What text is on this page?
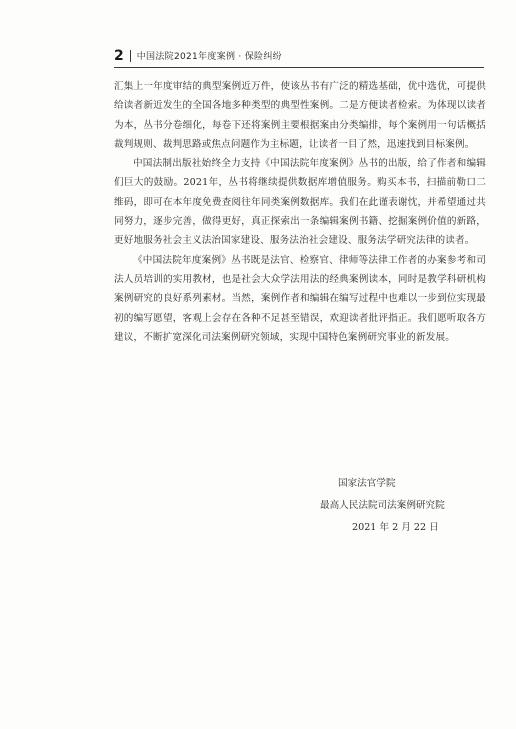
2 中国法院2021年度案例 · 保险纠纷

汇集上一年度审结的典型案例近万件，使该丛书有广泛的精选基础，优中选优，可提供给读者新近发生的全国各地多种类型的典型性案例。二是方便读者检索。为体现以读者为本，丛书分卷细化，每卷下还将案例主要根据案由分类编排，每个案例用一句话概括裁判规则、裁判思路或焦点问题作为主标题，让读者一目了然，迅速找到目标案例。

中国法制出版社始终全力支持《中国法院年度案例》丛书的出版，给了作者和编辑们巨大的鼓励。2021年，丛书将继续提供数据库增值服务。购买本书，扫描前勒口二维码，即可在本年度免费查阅往年同类案例数据库。我们在此谨表谢忱，并希望通过共同努力，逐步完善，做得更好，真正探索出一条编辑案例书籍、挖掘案例价值的新路，更好地服务社会主义法治国家建设、服务法治社会建设、服务法学研究法律的读者。

《中国法院年度案例》丛书既是法官、检察官、律师等法律工作者的办案参考和司法人员培训的实用教材，也是社会大众学法用法的经典案例读本，同时是教学科研机构案例研究的良好系列素材。当然，案例作者和编辑在编写过程中也难以一步到位实现最初的编写愿望，客观上会存在各种不足甚至错误，欢迎读者批评指正。我们愿听取各方建议，不断扩宽深化司法案例研究领域，实现中国特色案例研究事业的新发展。

国家法官学院
最高人民法院司法案例研究院
2021 年 2 月 22 日
